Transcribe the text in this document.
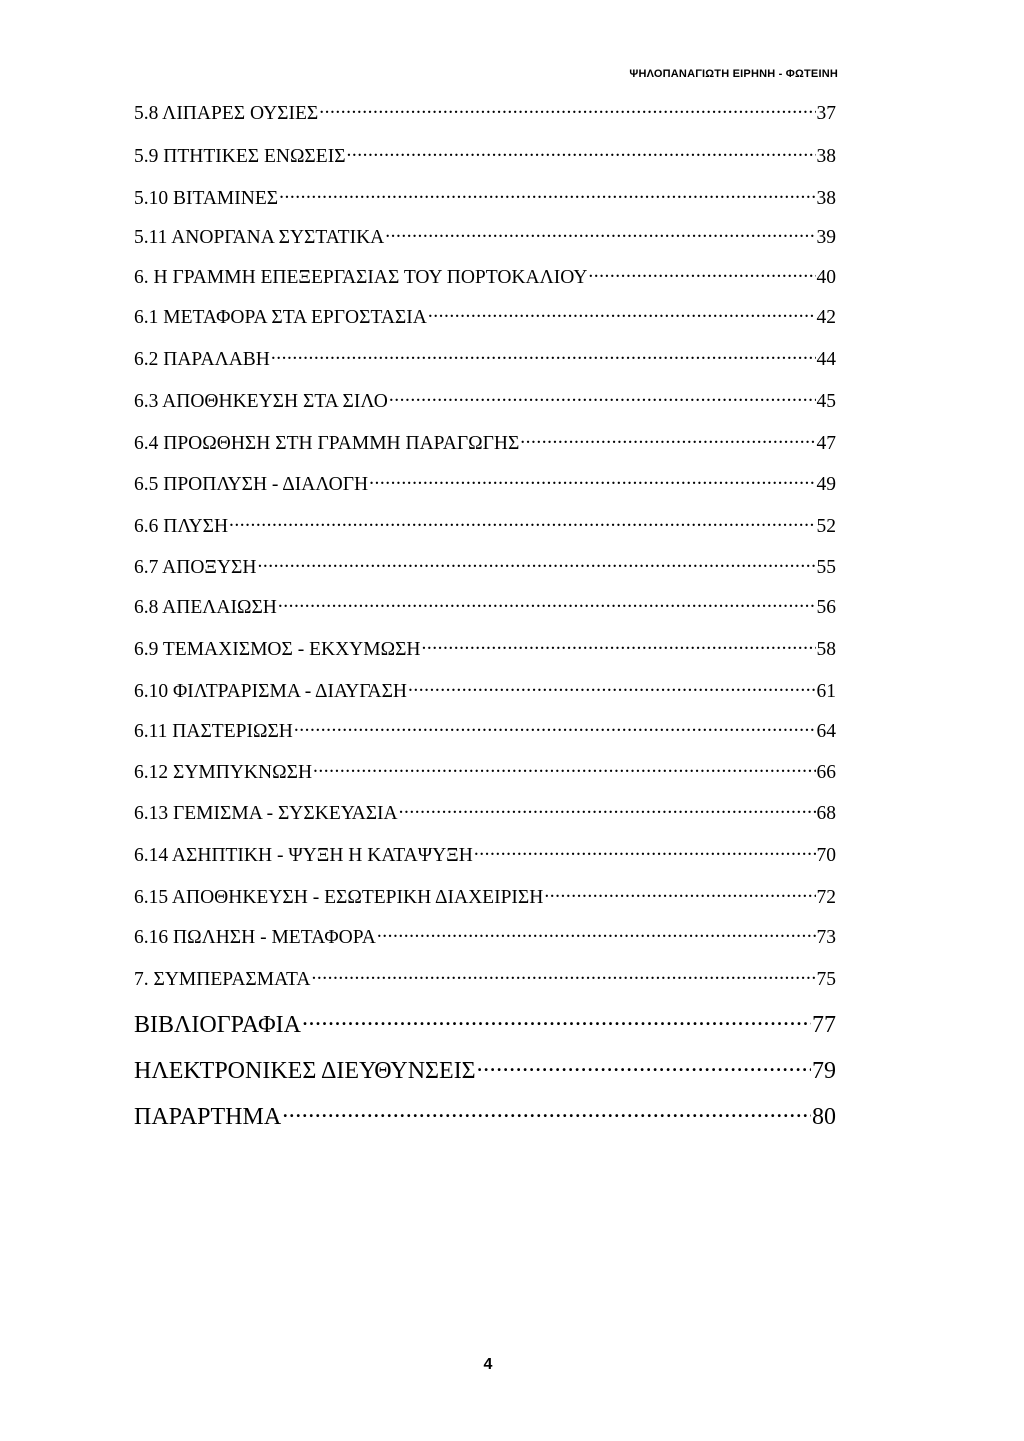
ΨΗΛΟΠΑΝΑΓΙΩΤΗ ΕΙΡΗΝΗ - ΦΩΤΕΙΝΗ
5.8 ΛΙΠΑΡΕΣ ΟΥΣΙΕΣ .....	37
5.9 ΠΤΗΤΙΚΕΣ ΕΝΩΣΕΙΣ .....	38
5.10 ΒΙΤΑΜΙΝΕΣ .....	38
5.11 ΑΝΟΡΓΑΝΑ ΣΥΣΤΑΤΙΚΑ .....	39
6. Η ΓΡΑΜΜΗ ΕΠΕΞΕΡΓΑΣΙΑΣ ΤΟΥ ΠΟΡΤΟΚΑΛΙΟΥ .....	40
6.1 ΜΕΤΑΦΟΡΑ ΣΤΑ ΕΡΓΟΣΤΑΣΙΑ .....	42
6.2 ΠΑΡΑΛΑΒΗ .....	44
6.3 ΑΠΟΘΗΚΕΥΣΗ ΣΤΑ ΣΙΛΟ .....	45
6.4 ΠΡΟΩΘΗΣΗ ΣΤΗ ΓΡΑΜΜΗ ΠΑΡΑΓΩΓΗΣ .....	47
6.5 ΠΡΟΠΛΥΣΗ - ΔΙΑΛΟΓΗ .....	49
6.6 ΠΛΥΣΗ .....	52
6.7 ΑΠΟΞΥΣΗ .....	55
6.8 ΑΠΕΛΑΙΩΣΗ .....	56
6.9 ΤΕΜΑΧΙΣΜΟΣ - ΕΚΧΥΜΩΣΗ .....	58
6.10 ΦΙΛΤΡΑΡΙΣΜΑ - ΔΙΑΥΓΑΣΗ .....	61
6.11 ΠΑΣΤΕΡΙΩΣΗ .....	64
6.12 ΣΥΜΠΥΚΝΩΣΗ .....	66
6.13 ΓΕΜΙΣΜΑ - ΣΥΣΚΕΥΑΣΙΑ .....	68
6.14 ΑΣΗΠΤΙΚΗ - ΨΥΞΗ Η ΚΑΤΑΨΥΞΗ .....	70
6.15 ΑΠΟΘΗΚΕΥΣΗ - ΕΣΩΤΕΡΙΚΗ ΔΙΑΧΕΙΡΙΣΗ .....	72
6.16 ΠΩΛΗΣΗ - ΜΕΤΑΦΟΡΑ .....	73
7. ΣΥΜΠΕΡΑΣΜΑΤΑ .....	75
ΒΙΒΛΙΟΓΡΑΦΙΑ .....	77
ΗΛΕΚΤΡΟΝΙΚΕΣ ΔΙΕΥΘΥΝΣΕΙΣ .....	79
ΠΑΡΑΡΤΗΜΑ .....	80
4
